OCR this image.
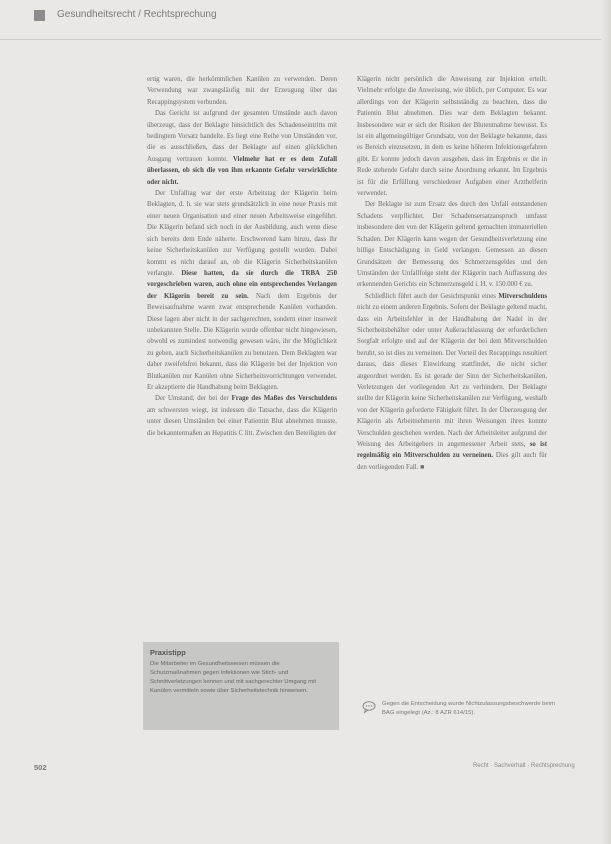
Gesundheitsrecht / Rechtsprechung

ertig waren, die herkömmlichen Kanülen zu verwenden. Deren Verwendung war zwangsläufig mit der Erzeugung über das Recappingsystem verbunden.

Das Gericht ist aufgrund der gesamten Umstände auch davon überzeugt, dass der Beklagte hinsichtlich des Schadenseintritts mit bedingtem Vorsatz handelte. Es liegt eine Reihe von Umständen vor, die es ausschließen, dass der Beklagte auf einen glücklichen Ausgang vertrauen konnte. Vielmehr hat er es dem Zufall überlassen, ob sich die von ihm erkannte Gefahr verwirklichte oder nicht.

Der Unfalltag war der erste Arbeitstag der Klägerin beim Beklagten, d. h. sie war stets grundsätzlich in eine neue Praxis mit einer neuen Organisation und einer neuen Arbeitsweise eingeführt. Die Klägerin befand sich noch in der Ausbildung, auch wenn diese sich bereits dem Ende näherte. Erschwerend kam hinzu, dass ihr keine Sicherheitskanülen zur Verfügung gestellt wurden. Dabei kommt es nicht darauf an, ob die Klägerin Sicherheitskanülen verlangte. Diese hatten, da sie durch die TRBA 250 vorgeschrieben waren, auch ohne ein entsprechendes Verlangen der Klägerin bereit zu sein. Nach dem Ergebnis der Beweisaufnahme waren zwar entsprechende Kanülen vorhanden. Diese lagen aber nicht in der sachgerechten, sondern einer insoweit unbekannten Stelle. Die Klägerin wurde offenbar nicht hingewiesen, obwohl es zumindest notwendig gewesen wäre, ihr die Möglichkeit zu geben, auch Sicherheitskanülen zu benutzen. Dem Beklagten war daher zweifelsfrei bekannt, dass die Klägerin bei der Injektion von Blutkanülen nur Kanülen ohne Sicherheitsvorrichtungen verwendet. Er akzeptierte die Handhabung beim Beklagten.

Der Umstand, der bei der Frage des Maßes des Verschuldens am schwersten wiegt, ist indessen die Tatsache, dass die Klägerin unter diesen Umständen bei einer Patientin Blut abnehmen musste, die bekanntermaßen an Hepatitis C litt. Zwischen den Beteiligten der

Klägerin nicht persönlich die Anweisung zur Injektion erteilt. Vielmehr erfolgte die Anweisung, wie üblich, per Computer. Es war allerdings von der Klägerin selbstständig zu beachten, dass die Patientin Blut abnehmen. Dies war dem Beklagten bekannt. Insbesondere war er sich der Risiken der Blutentnahme bewusst. Es ist ein allgemeingültiger Grundsatz, von der Beklagte bekannte, dass es Bereich einzusetzen, in dem es keine höheren Infektionsgefahren gibt. Er konnte jedoch davon ausgehen, dass im Ergebnis er die in Rede stehende Gefahr durch seine Anordnung erkannt. Im Ergebnis ist für die Erfüllung verschiedener Aufgaben einer Arzthelferin verwendet.

Der Beklagte ist zum Ersatz des durch den Unfall entstandenen Schadens verpflichtet. Der Schadensersatzanspruch umfasst insbesondere den von der Klägerin geltend gemachten immateriellen Schaden. Der Klägerin kann wegen der Gesundheitsverletzung eine billige Entschädigung in Geld verlangen. Gemessen an diesen Grundsätzen der Bemessung des Schmerzensgeldes und den Umständen der Unfallfolge steht der Klägerin nach Auffassung des erkennenden Gerichts ein Schmerzensgeld i. H. v. 150.000 € zu.

Schließlich führt auch der Gesichtspunkt eines Mitverschuldens nicht zu einem anderen Ergebnis. Sofern der Beklagte geltend macht, dass ein Arbeitsfehler in der Handhabung der Nadel in der Sicherheitsbehälter oder unter Außerachtlassung der erforderlichen Sorgfalt erfolgte und auf der Klägerin der bei dem Mitverschulden beruht, so ist dies zu verneinen. Der Vorteil des Recappings resultiert daraus, dass dieses Einwirkung stattfindet, die nicht sicher angeordnet werden. Es ist gerade der Sinn der Sicherheitskanülen, Verletzungen der vorliegenden Art zu verhindern. Der Beklagte stellte der Klägerin keine Sicherheitskanülen zur Verfügung, weshalb von der Klägerin geforderte Fähigkeit führt. In der Überzeugung der Klägerin als Arbeitnehmerin mit ihren Weisungen ihres konnte Verschulden geschehen werden. Nach der Arbeitsleiter aufgrund der Weisung des Arbeitgebers in angemessener Arbeit stets, so ist regelmäßig ein Mitverschulden zu verneinen. Dies gilt auch für den vorliegenden Fall. ■

Praxistipp
Die Mitarbeiter im Gesundheitswesen müssen die Schutzmaßnahmen gegen Infektionen wie Stich- und Schnittverletzungen kennen und mit sachgerechter Umgang mit Kanülen vermitteln sowie über Sicherheitstechnik hinweisen.
Gegen die Entscheidung wurde Nichtzulassungsbeschwerde beim BAG eingelegt (Az.: 8 AZR 614/15).
502	Recht · Sachverhalt · Rechtsprechung
